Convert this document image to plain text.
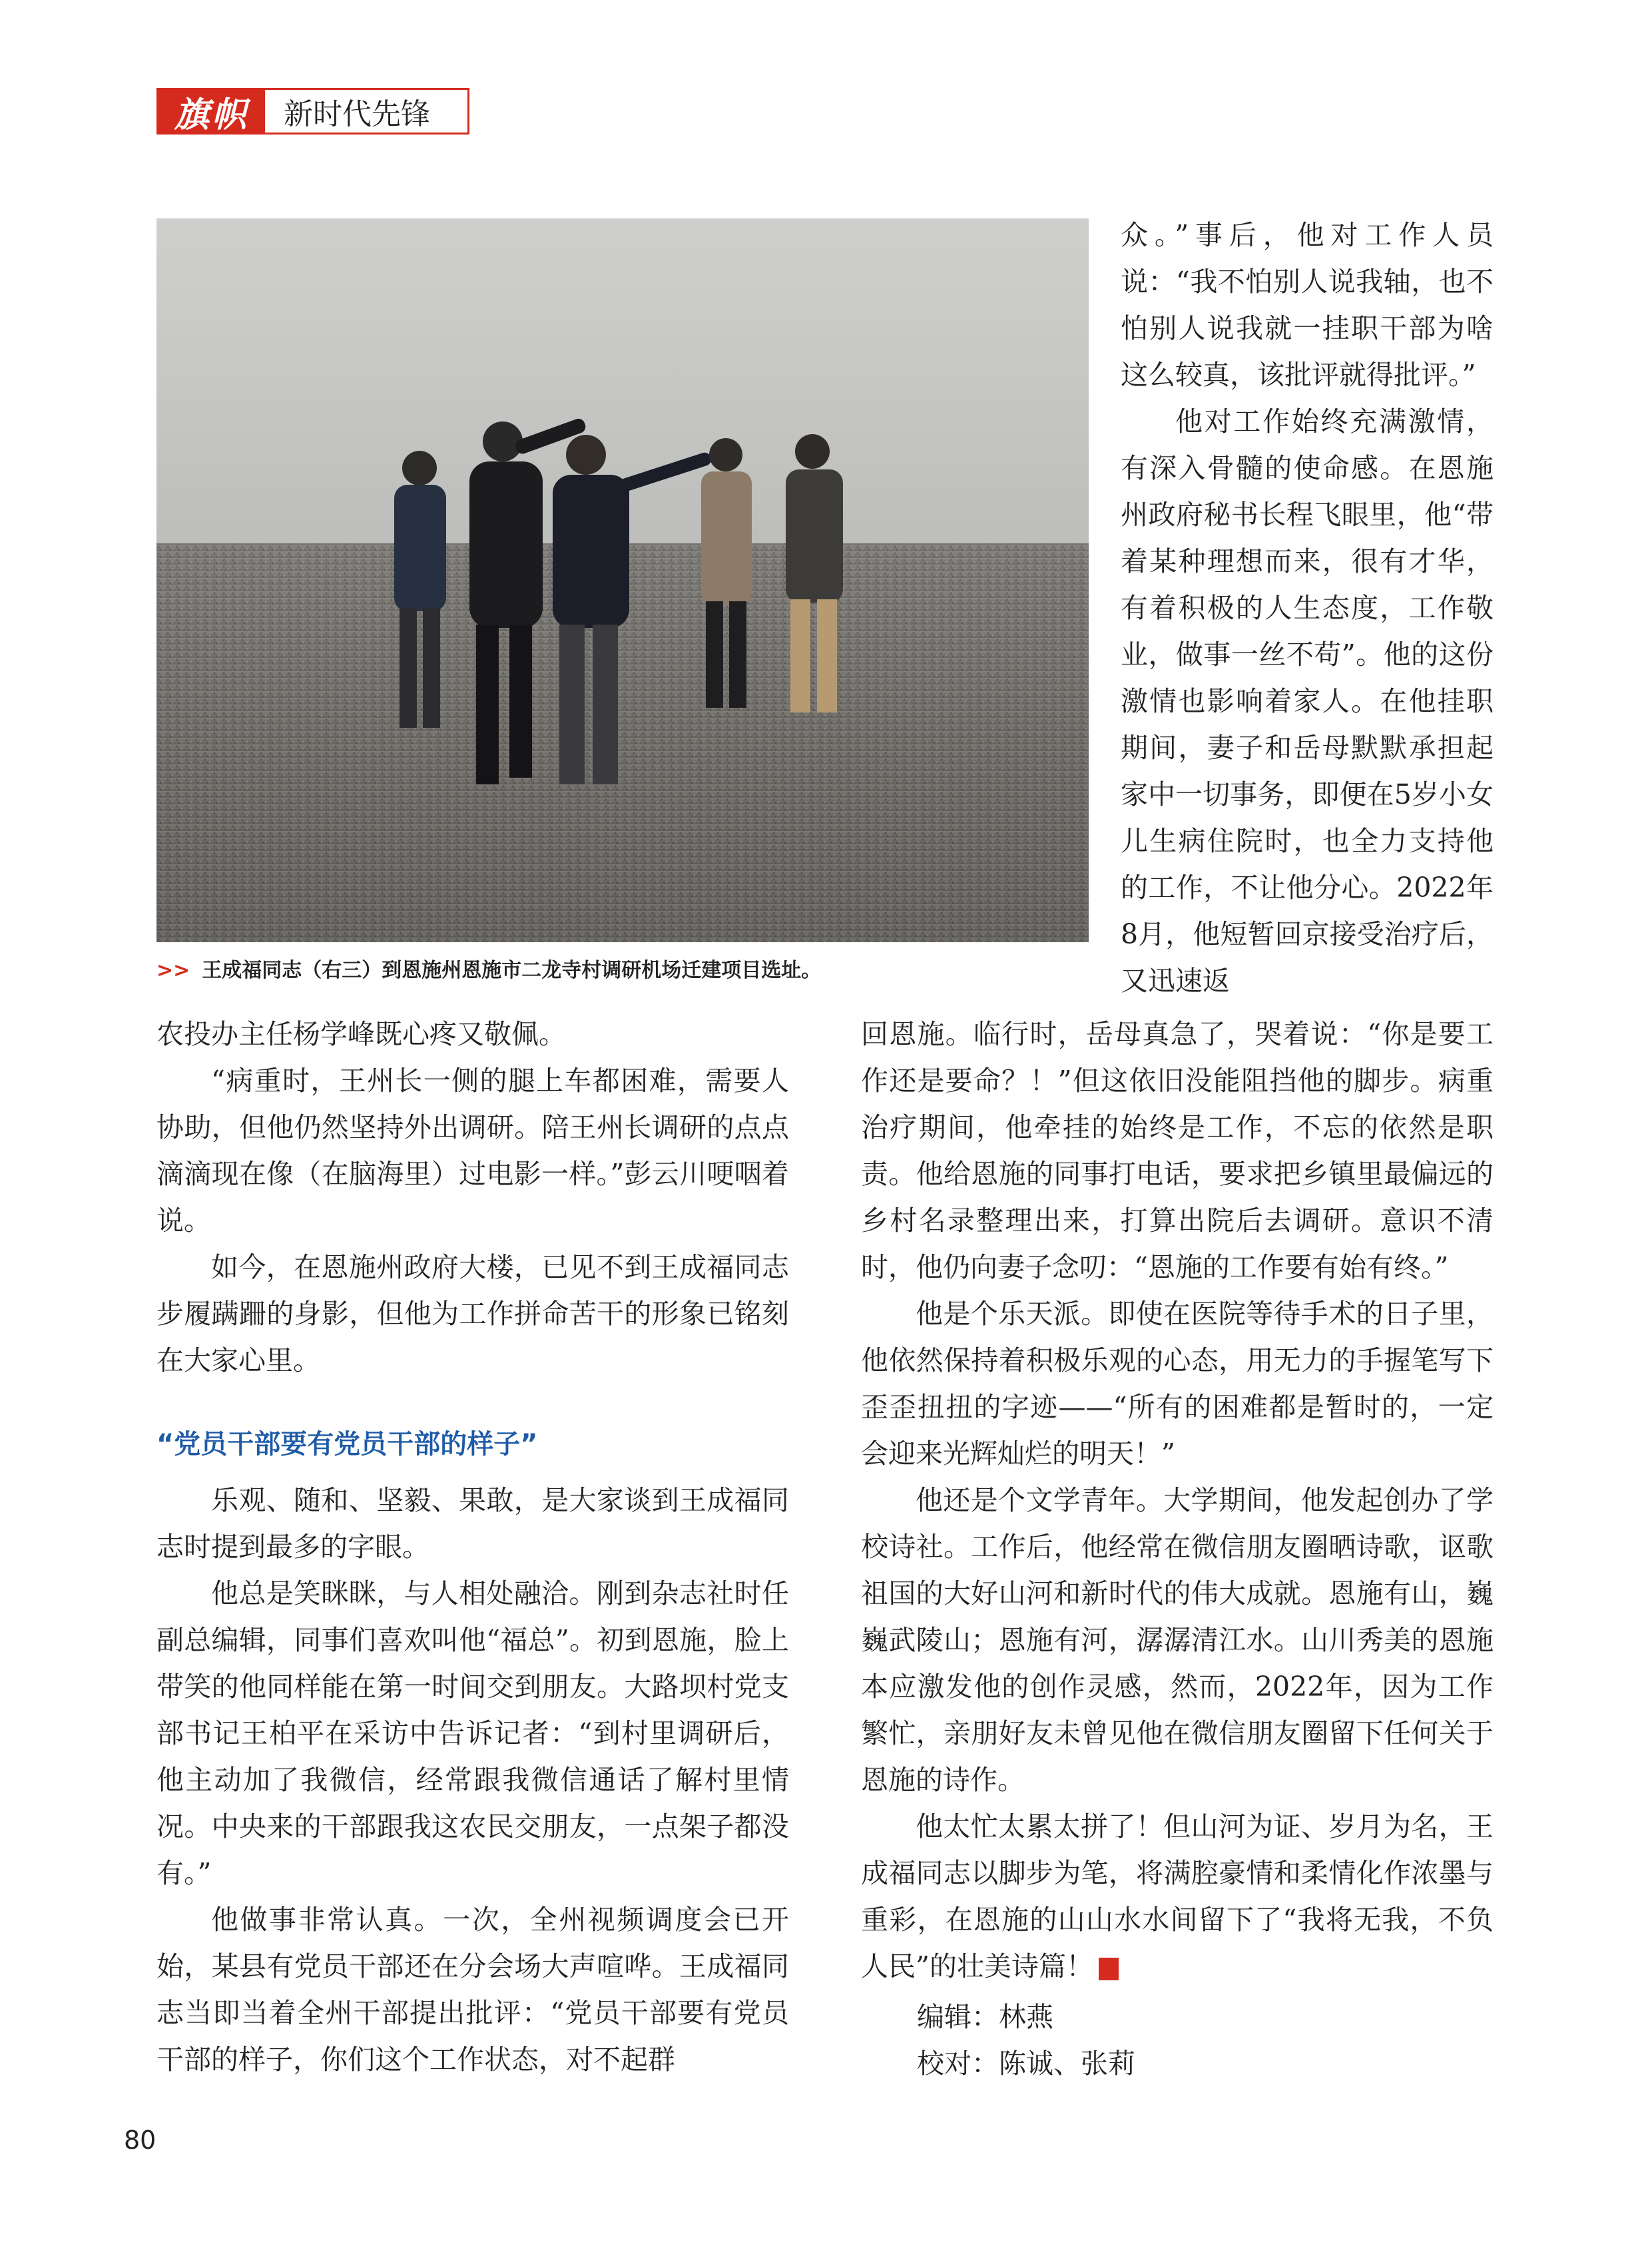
旗帜	新时代先锋
>> 王成福同志（右三）到恩施州恩施市二龙寺村调研机场迁建项目选址。

众。”事后，他对工作人员说：“我不怕别人说我轴，也不怕别人说我就一挂职干部为啥这么较真，该批评就得批评。”

他对工作始终充满激情，有深入骨髓的使命感。在恩施州政府秘书长程飞眼里，他“带着某种理想而来，很有才华，有着积极的人生态度，工作敬业，做事一丝不苟”。他的这份激情也影响着家人。在他挂职期间，妻子和岳母默默承担起家中一切事务，即便在5岁小女儿生病住院时，也全力支持他的工作，不让他分心。2022年8月，他短暂回京接受治疗后，又迅速返

农投办主任杨学峰既心疼又敬佩。

“病重时，王州长一侧的腿上车都困难，需要人协助，但他仍然坚持外出调研。陪王州长调研的点点滴滴现在像（在脑海里）过电影一样。”彭云川哽咽着说。

如今，在恩施州政府大楼，已见不到王成福同志步履蹒跚的身影，但他为工作拼命苦干的形象已铭刻在大家心里。

“党员干部要有党员干部的样子”

乐观、随和、坚毅、果敢，是大家谈到王成福同志时提到最多的字眼。

他总是笑眯眯，与人相处融洽。刚到杂志社时任副总编辑，同事们喜欢叫他“福总”。初到恩施，脸上带笑的他同样能在第一时间交到朋友。大路坝村党支部书记王柏平在采访中告诉记者：“到村里调研后，他主动加了我微信，经常跟我微信通话了解村里情况。中央来的干部跟我这农民交朋友，一点架子都没有。”

他做事非常认真。一次，全州视频调度会已开始，某县有党员干部还在分会场大声喧哗。王成福同志当即当着全州干部提出批评：“党员干部要有党员干部的样子，你们这个工作状态，对不起群

回恩施。临行时，岳母真急了，哭着说：“你是要工作还是要命？！”但这依旧没能阻挡他的脚步。病重治疗期间，他牵挂的始终是工作，不忘的依然是职责。他给恩施的同事打电话，要求把乡镇里最偏远的乡村名录整理出来，打算出院后去调研。意识不清时，他仍向妻子念叨：“恩施的工作要有始有终。”

他是个乐天派。即使在医院等待手术的日子里，他依然保持着积极乐观的心态，用无力的手握笔写下歪歪扭扭的字迹——“所有的困难都是暂时的，一定会迎来光辉灿烂的明天！”

他还是个文学青年。大学期间，他发起创办了学校诗社。工作后，他经常在微信朋友圈晒诗歌，讴歌祖国的大好山河和新时代的伟大成就。恩施有山，巍巍武陵山；恩施有河，潺潺清江水。山川秀美的恩施本应激发他的创作灵感，然而，2022年，因为工作繁忙，亲朋好友未曾见他在微信朋友圈留下任何关于恩施的诗作。

他太忙太累太拼了！但山河为证、岁月为名，王成福同志以脚步为笔，将满腔豪情和柔情化作浓墨与重彩，在恩施的山山水水间留下了“我将无我，不负人民”的壮美诗篇！	旗

编辑：林燕
校对：陈诚、张莉
80
